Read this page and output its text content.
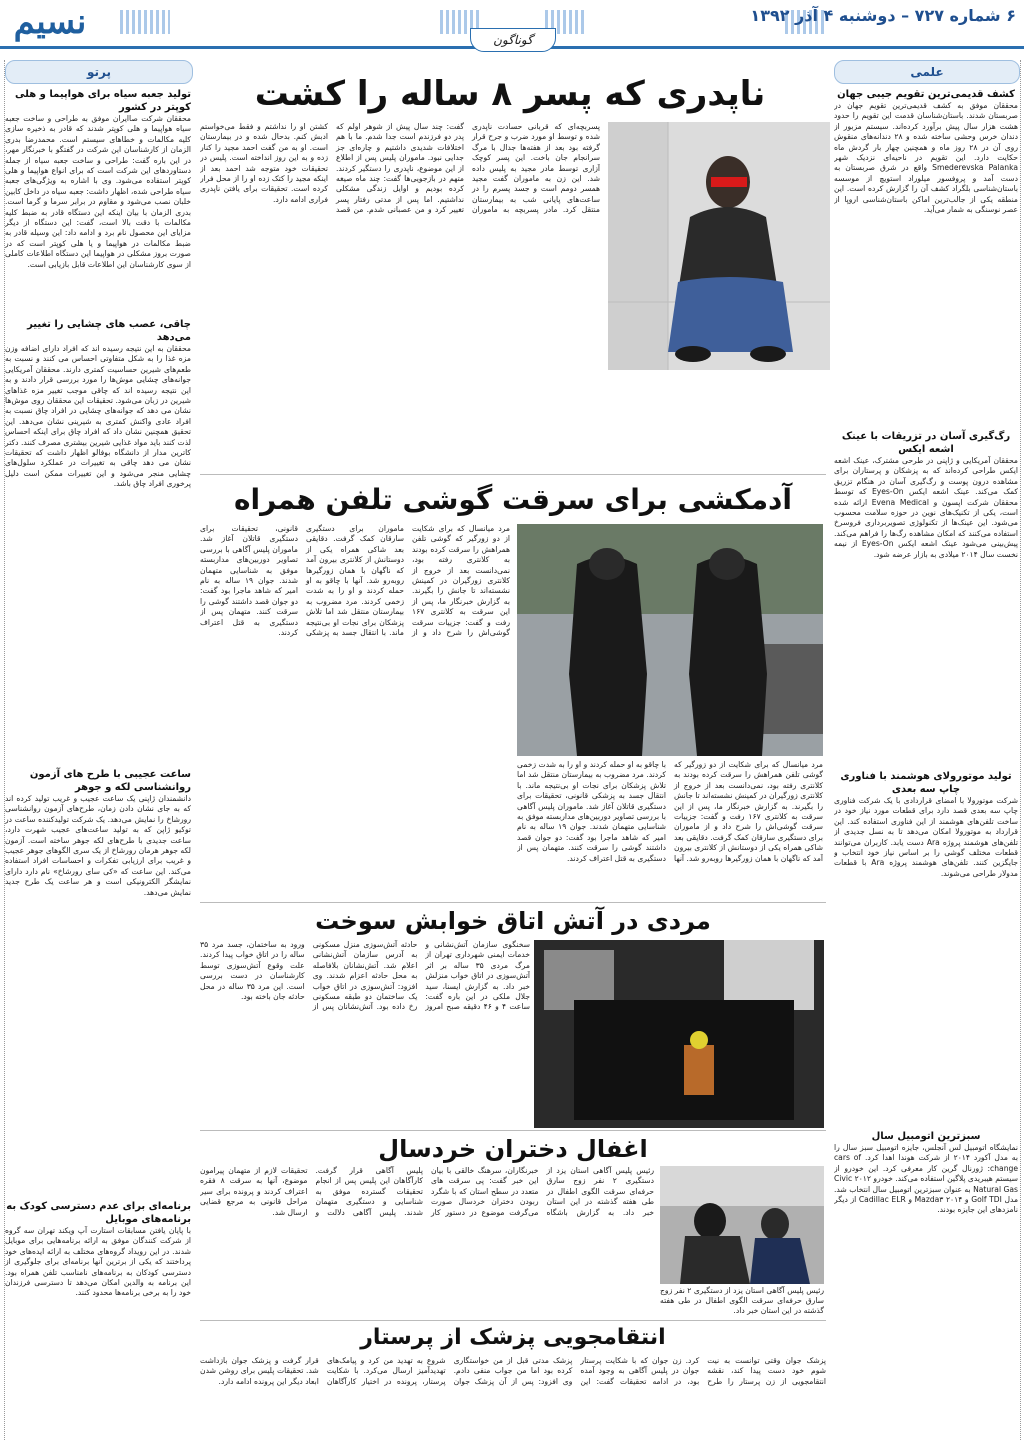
نسیم	۶ شماره ۷۲۷ – دوشنبه ۴ آذر ۱۳۹۲
گوناگون
پرتو
تولید جعبه سیاه برای هواپیما و هلی کوپتر در کشور
محققان شرکت صاایران موفق به طراحی و ساخت جعبه سیاه هواپیما و هلی کوپتر شدند که قادر به ذخیره سازی کلیه مکالمات و خطاهای سیستم است. محمدرضا بدری الزمان از کارشناسان این شرکت در گفتگو با خبرنگار مهر، در این باره گفت: طراحی و ساخت جعبه سیاه از جمله دستاوردهای این شرکت است که برای انواع هواپیما و هلی کوپتر استفاده می‌شود. وی با اشاره به ویژگی‌های جعبه سیاه طراحی شده، اظهار داشت: جعبه سیاه در داخل کابین خلبان نصب می‌شود و مقاوم در برابر سرما و گرما است. بدری الزمان با بیان اینکه این دستگاه قادر به ضبط کلیه مکالمات با دقت بالا است، گفت: این دستگاه از دیگر مزایای این محصول نام برد و ادامه داد: این وسیله قادر به ضبط مکالمات در هواپیما و یا هلی کوپتر است که در صورت بروز مشکلی در هواپیما این دستگاه اطلاعات کاملی از سوی کارشناسان این اطلاعات قابل بازیابی است.
چاقی، عصب های چشایی را تغییر می‌دهد
محققان به این نتیجه رسیده اند که افراد دارای اضافه وزن مزه غذا را به شکل متفاوتی احساس می کنند و نسبت به طعم‌های شیرین حساسیت کمتری دارند. محققان آمریکایی جوانه‌های چشایی موش‌ها را مورد بررسی قرار دادند و به این نتیجه رسیده اند که چاقی موجب تغییر مزه غذاهای شیرین در زبان می‌شود. تحقیقات این محققان روی موش‌ها نشان می دهد که جوانه‌های چشایی در افراد چاق نسبت به افراد عادی واکنش کمتری به شیرینی نشان می‌دهد. این تحقیق همچنین نشان داد که افراد چاق برای اینکه احساس لذت کنند باید مواد غذایی شیرین بیشتری مصرف کنند. دکتر کاترین مدار از دانشگاه بوفالو اظهار داشت که تحقیقات نشان می دهد چاقی به تغییرات در عملکرد سلول‌های چشایی منجر می‌شود و این تغییرات ممکن است دلیل پرخوری افراد چاق باشد.
ساعت عجیبی با طرح های آزمون روانشناسی لکه و جوهر
دانشمندان ژاپنی یک ساعت عجیب و غریب تولید کرده اند که به جای نشان دادن زمان، طرح‌های آزمون روانشناسی رورشاخ را نمایش می‌دهد. یک شرکت تولیدکننده ساعت در توکیو ژاپن که به تولید ساعت‌های عجیب شهرت دارد، ساعت جدیدی با طرح‌های لکه جوهر ساخته است. آزمون لکه جوهر هرمان رورشاخ از یک سری الگوهای جوهر عجیب و غریب برای ارزیابی تفکرات و احساسات افراد استفاده می‌کند. این ساعت که «کی سای رورشاخ» نام دارد دارای نمایشگر الکترونیکی است و هر ساعت یک طرح جدید نمایش می‌دهد.
برنامه‌ای برای عدم دسترسی کودک به برنامه‌های موبایل
با پایان یافتن مسابقات استارت آپ ویکند تهران سه گروه از شرکت کنندگان موفق به ارائه برنامه‌هایی برای موبایل شدند. در این رویداد گروه‌های مختلف به ارائه ایده‌های خود پرداختند که یکی از برترین آنها برنامه‌ای برای جلوگیری از دسترسی کودکان به برنامه‌های نامناسب تلفن همراه بود. این برنامه به والدین امکان می‌دهد تا دسترسی فرزندان خود را به برخی برنامه‌ها محدود کنند.
علمی
کشف قدیمی‌ترین تقویم جیبی جهان
محققان موفق به کشف قدیمی‌ترین تقویم جهان در صربستان شدند. باستان‌شناسان قدمت این تقویم را حدود هشت هزار سال پیش برآورد کرده‌اند. سیستم مزبور از دندان خرس وحشی ساخته شده و ۲۸ دندانه‌های منقوش روی آن در ۲۸ روز ماه و همچنین چهار بار گردش ماه حکایت دارد. این تقویم در ناحیه‌ای نزدیک شهر Smederevska Palanka واقع در شرق صربستان به دست آمد و پروفسور میلوراد استویچ از موسسه باستان‌شناسی بلگراد کشف آن را گزارش کرده است. این منطقه یکی از جالب‌ترین اماکن باستان‌شناسی اروپا از عصر نوسنگی به شمار می‌آید.
رگ‌گیری آسان در تزریقات با عینک اشعه ایکس
محققان آمریکایی و ژاپنی در طرحی مشترک، عینک اشعه ایکس طراحی کرده‌اند که به پزشکان و پرستاران برای مشاهده درون پوست و رگ‌گیری آسان در هنگام تزریق کمک می‌کند. عینک اشعه ایکس Eyes-On که توسط محققان شرکت اپسون و Evena Medical ارائه شده است، یکی از تکنیک‌های نوین در حوزه سلامت محسوب می‌شود. این عینک‌ها از تکنولوژی تصویربرداری فروسرخ استفاده می‌کنند که امکان مشاهده رگ‌ها را فراهم می‌کند. پیش‌بینی می‌شود عینک اشعه ایکس Eyes-On از نیمه نخست سال ۲۰۱۴ میلادی به بازار عرضه شود.
تولید موتورولای هوشمند با فناوری چاپ سه بعدی
شرکت موتورولا با امضای قراردادی با یک شرکت فناوری چاپ سه بعدی قصد دارد برای قطعات مورد نیاز خود در ساخت تلفن‌های هوشمند از این فناوری استفاده کند. این قرارداد به موتورولا امکان می‌دهد تا به نسل جدیدی از تلفن‌های هوشمند پروژه Ara دست یابد. کاربران می‌توانند قطعات مختلف گوشی را بر اساس نیاز خود انتخاب و جایگزین کنند. تلفن‌های هوشمند پروژه Ara با قطعات مدولار طراحی می‌شوند.
سبزترین اتومبیل سال
نمایشگاه اتومبیل لس آنجلس، جایزه اتومبیل سبز سال را به مدل آکورد ۲۰۱۴ از شرکت هوندا اهدا کرد. cars of change: ژورنال گرین کار معرفی کرد. این خودرو از سیستم هیبریدی پلاگین استفاده می‌کند. خودرو Civic ۲۰۱۲ Natural Gas به عنوان سبزترین اتومبیل سال انتخاب شد. مدل Golf TDI و Mazda۳ ۲۰۱۴ و Cadillac ELR از دیگر نامزدهای این جایزه بودند.
ناپدری که پسر ۸ ساله را کشت
پسربچه‌ای که قربانی حسادت ناپدری شده و توسط او مورد ضرب و جرح قرار گرفته بود بعد از هفته‌ها جدال با مرگ سرانجام جان باخت. این پسر کوچک آزاری توسط مادر مجید به پلیس داده شد. این زن به ماموران گفت مجید همسر دومم است و جسد پسرم را در ساعت‌های پایانی شب به بیمارستان منتقل کرد. مادر پسربچه به ماموران گفت: چند سال پیش از شوهر اولم که پدر دو فرزندم است جدا شدم. ما با هم اختلافات شدیدی داشتیم و چاره‌ای جز جدایی نبود. ماموران پلیس پس از اطلاع از این موضوع، ناپدری را دستگیر کردند. متهم در بازجویی‌ها گفت: چند ماه صیغه کرده بودیم و اوایل زندگی مشکلی نداشتیم. اما پس از مدتی رفتار پسر تغییر کرد و من عصبانی شدم. من قصد کشتن او را نداشتم و فقط می‌خواستم ادبش کنم. بدحال شده و در بیمارستان است. او به من گفت احمد مجید را کنار زده و به این روز انداخته است. پلیس در تحقیقات خود متوجه شد احمد بعد از اینکه مجید را کتک زده او را از محل فرار کرده است. تحقیقات برای یافتن ناپدری فراری ادامه دارد.
آدمکشی برای سرقت گوشی تلفن همراه
مرد میانسال که برای شکایت از دو زورگیر که گوشی تلفن همراهش را سرقت کرده بودند به کلانتری رفته بود، نمی‌دانست بعد از خروج از کلانتری زورگیران در کمینش نشسته‌اند تا جانش را بگیرند. به گزارش خبرنگار ما، پس از این سرقت به کلانتری ۱۶۷ رفت و گفت: جزییات سرقت گوشی‌اش را شرح داد و از ماموران برای دستگیری سارقان کمک گرفت. دقایقی بعد شاکی همراه یکی از دوستانش از کلانتری بیرون آمد که ناگهان با همان زورگیرها رو‌به‌رو شد. آنها با چاقو به او حمله کردند و او را به شدت زخمی کردند. مرد مضروب به بیمارستان منتقل شد اما تلاش پزشکان برای نجات او بی‌نتیجه ماند. با انتقال جسد به پزشکی قانونی، تحقیقات برای دستگیری قاتلان آغاز شد. ماموران پلیس آگاهی با بررسی تصاویر دوربین‌های مداربسته موفق به شناسایی متهمان شدند. جوان ۱۹ ساله به نام امیر که شاهد ماجرا بود گفت: دو جوان قصد داشتند گوشی را سرقت کنند. متهمان پس از دستگیری به قتل اعتراف کردند.
مرد میانسال که برای شکایت از دو زورگیر که گوشی تلفن همراهش را سرقت کرده بودند به کلانتری رفته بود، نمی‌دانست بعد از خروج از کلانتری زورگیران در کمینش نشسته‌اند تا جانش را بگیرند. به گزارش خبرنگار ما، پس از این سرقت به کلانتری ۱۶۷ رفت و گفت: جزییات سرقت گوشی‌اش را شرح داد و از ماموران برای دستگیری سارقان کمک گرفت. دقایقی بعد شاکی همراه یکی از دوستانش از کلانتری بیرون آمد که ناگهان با همان زورگیرها رو‌به‌رو شد. آنها با چاقو به او حمله کردند و او را به شدت زخمی کردند. مرد مضروب به بیمارستان منتقل شد اما تلاش پزشکان برای نجات او بی‌نتیجه ماند. با انتقال جسد به پزشکی قانونی، تحقیقات برای دستگیری قاتلان آغاز شد. ماموران پلیس آگاهی با بررسی تصاویر دوربین‌های مداربسته موفق به شناسایی متهمان شدند. جوان ۱۹ ساله به نام امیر که شاهد ماجرا بود گفت: دو جوان قصد داشتند گوشی را سرقت کنند. متهمان پس از دستگیری به قتل اعتراف کردند.
مردی در آتش اتاق خوابش سوخت
سخنگوی سازمان آتش‌نشانی و خدمات ایمنی شهرداری تهران از مرگ مردی ۳۵ ساله بر اثر آتش‌سوزی در اتاق خواب منزلش خبر داد. به گزارش ایسنا، سید جلال ملکی در این باره گفت: ساعت ۴ و ۴۶ دقیقه صبح امروز حادثه آتش‌سوزی منزل مسکونی به آدرس سازمان آتش‌نشانی اعلام شد. آتش‌نشانان بلافاصله به محل حادثه اعزام شدند. وی افزود: آتش‌سوزی در اتاق خواب یک ساختمان دو طبقه مسکونی رخ داده بود. آتش‌نشانان پس از ورود به ساختمان، جسد مرد ۳۵ ساله را در اتاق خواب پیدا کردند. علت وقوع آتش‌سوزی توسط کارشناسان در دست بررسی است. این مرد ۳۵ ساله در محل حادثه جان باخته بود.
اغفال دختران خردسال
رئیس پلیس آگاهی استان یزد از دستگیری ۲ نفر زوج سارق حرفه‌ای سرقت الگوی اطفال در طی هفته گذشته در این استان خبر داد.
رئیس پلیس آگاهی استان یزد از دستگیری ۲ نفر زوج سارق حرفه‌ای سرقت الگوی اطفال در طی هفته گذشته در این استان خبر داد. به گزارش باشگاه خبرنگاران، سرهنگ خالقی با بیان این خبر گفت: پی سرقت های متعدد در سطح استان که با شگرد ربودن دختران خردسال صورت می‌گرفت موضوع در دستور کار پلیس آگاهی قرار گرفت. کارآگاهان این پلیس پس از انجام تحقیقات گسترده موفق به شناسایی و دستگیری متهمان شدند. پلیس آگاهی دلالت و تحقیقات لازم از متهمان پیرامون موضوع، آنها به سرقت ۸ فقره اعتراف کردند و پرونده برای سیر مراحل قانونی به مرجع قضایی ارسال شد.
انتقامجویی پزشک از پرستار
پزشک جوان وقتی توانست به نیت شوم خود دست پیدا کند، نقشه انتقامجویی از زن پرستار را طرح کرد. زن جوان که با شکایت پرستار جوان در پلیس آگاهی به وجود آمده بود، در ادامه تحقیقات گفت: این پزشک مدتی قبل از من خواستگاری کرده بود اما من جواب منفی دادم. وی افزود: پس از آن پزشک جوان شروع به تهدید من کرد و پیامک‌های تهدیدآمیز ارسال می‌کرد. با شکایت پرستار، پرونده در اختیار کارآگاهان قرار گرفت و پزشک جوان بازداشت شد. تحقیقات پلیس برای روشن شدن ابعاد دیگر این پرونده ادامه دارد.
